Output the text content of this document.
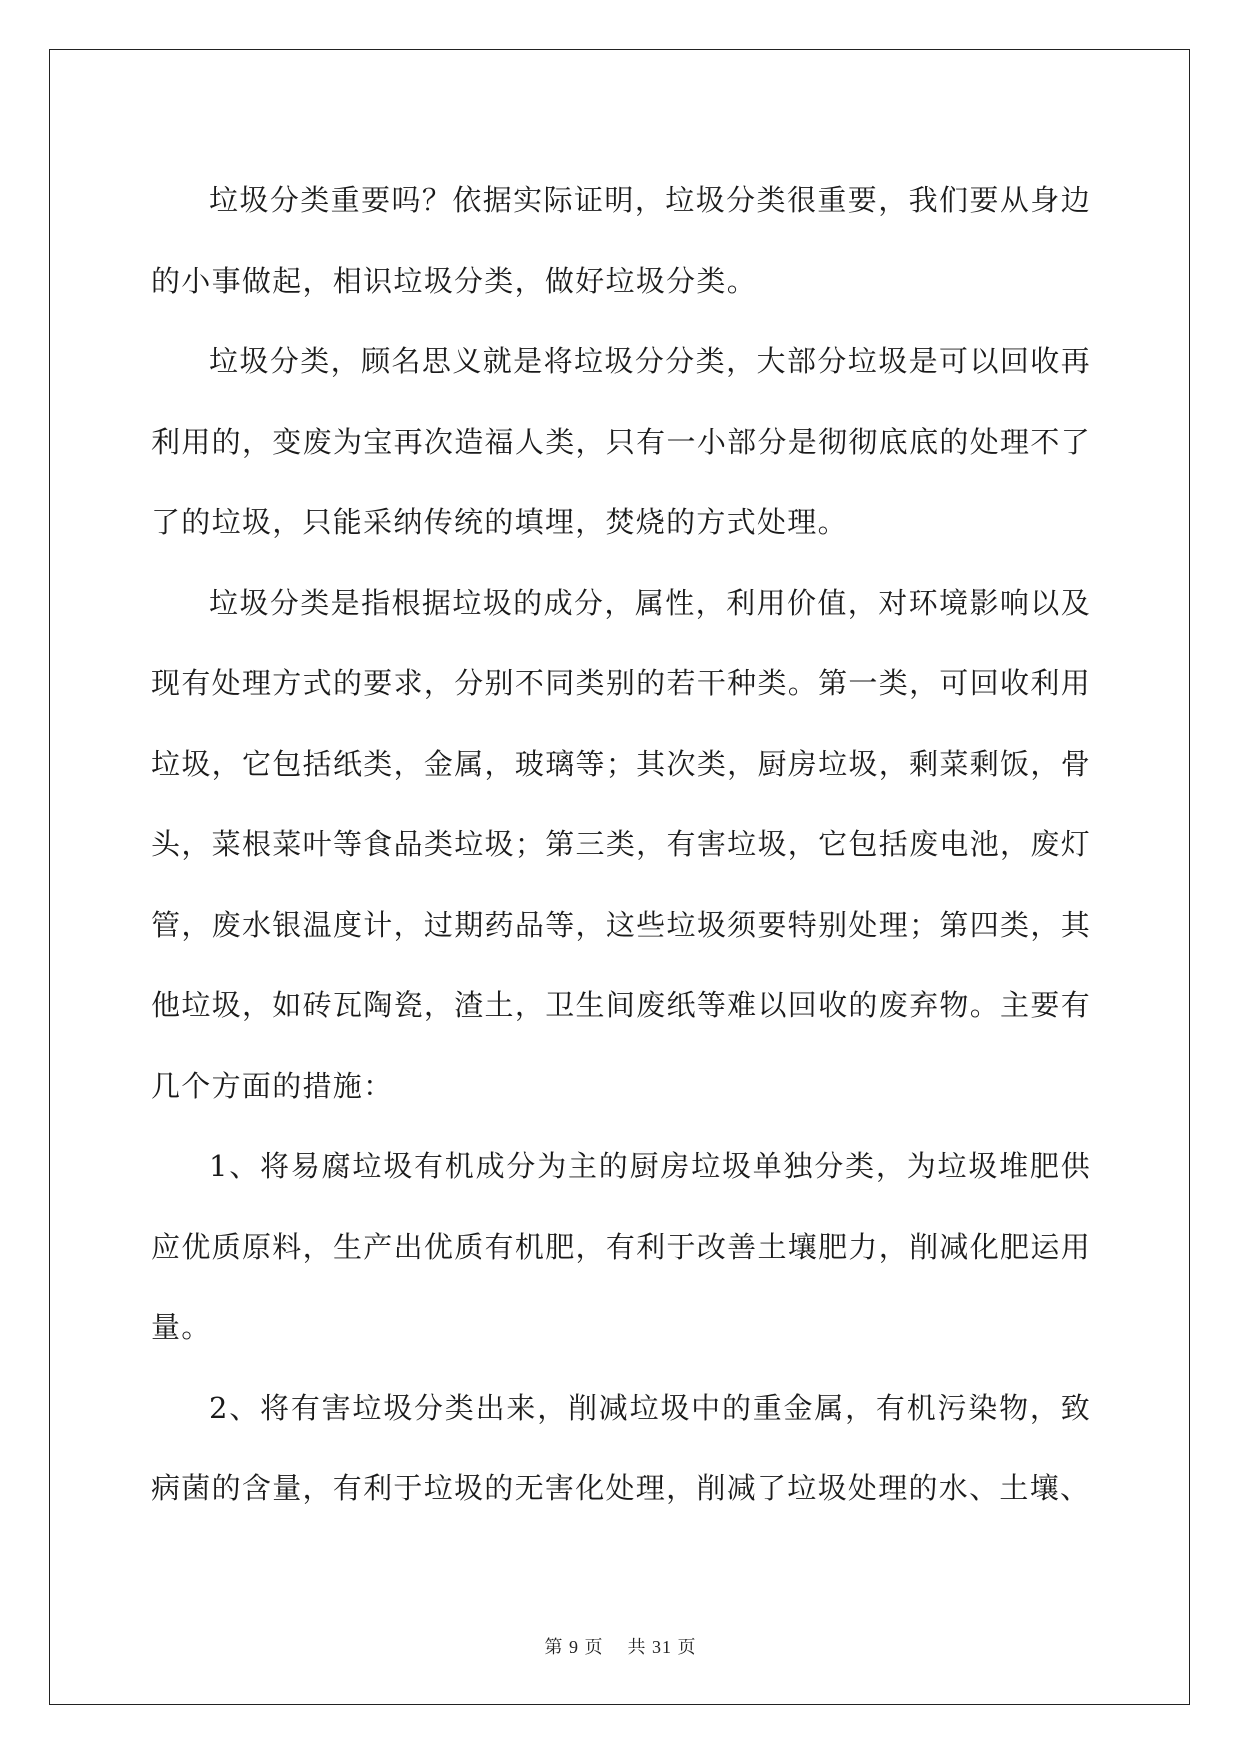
垃圾分类重要吗？依据实际证明，垃圾分类很重要，我们要从身边的小事做起，相识垃圾分类，做好垃圾分类。

垃圾分类，顾名思义就是将垃圾分分类，大部分垃圾是可以回收再利用的，变废为宝再次造福人类，只有一小部分是彻彻底底的处理不了了的垃圾，只能采纳传统的填埋，焚烧的方式处理。

垃圾分类是指根据垃圾的成分，属性，利用价值，对环境影响以及现有处理方式的要求，分别不同类别的若干种类。第一类，可回收利用垃圾，它包括纸类，金属，玻璃等；其次类，厨房垃圾，剩菜剩饭，骨头，菜根菜叶等食品类垃圾；第三类，有害垃圾，它包括废电池，废灯管，废水银温度计，过期药品等，这些垃圾须要特别处理；第四类，其他垃圾，如砖瓦陶瓷，渣土，卫生间废纸等难以回收的废弃物。主要有几个方面的措施：

1、将易腐垃圾有机成分为主的厨房垃圾单独分类，为垃圾堆肥供应优质原料，生产出优质有机肥，有利于改善土壤肥力，削减化肥运用量。

2、将有害垃圾分类出来，削减垃圾中的重金属，有机污染物，致病菌的含量，有利于垃圾的无害化处理，削减了垃圾处理的水、土壤、

第 9 页 共 31 页
